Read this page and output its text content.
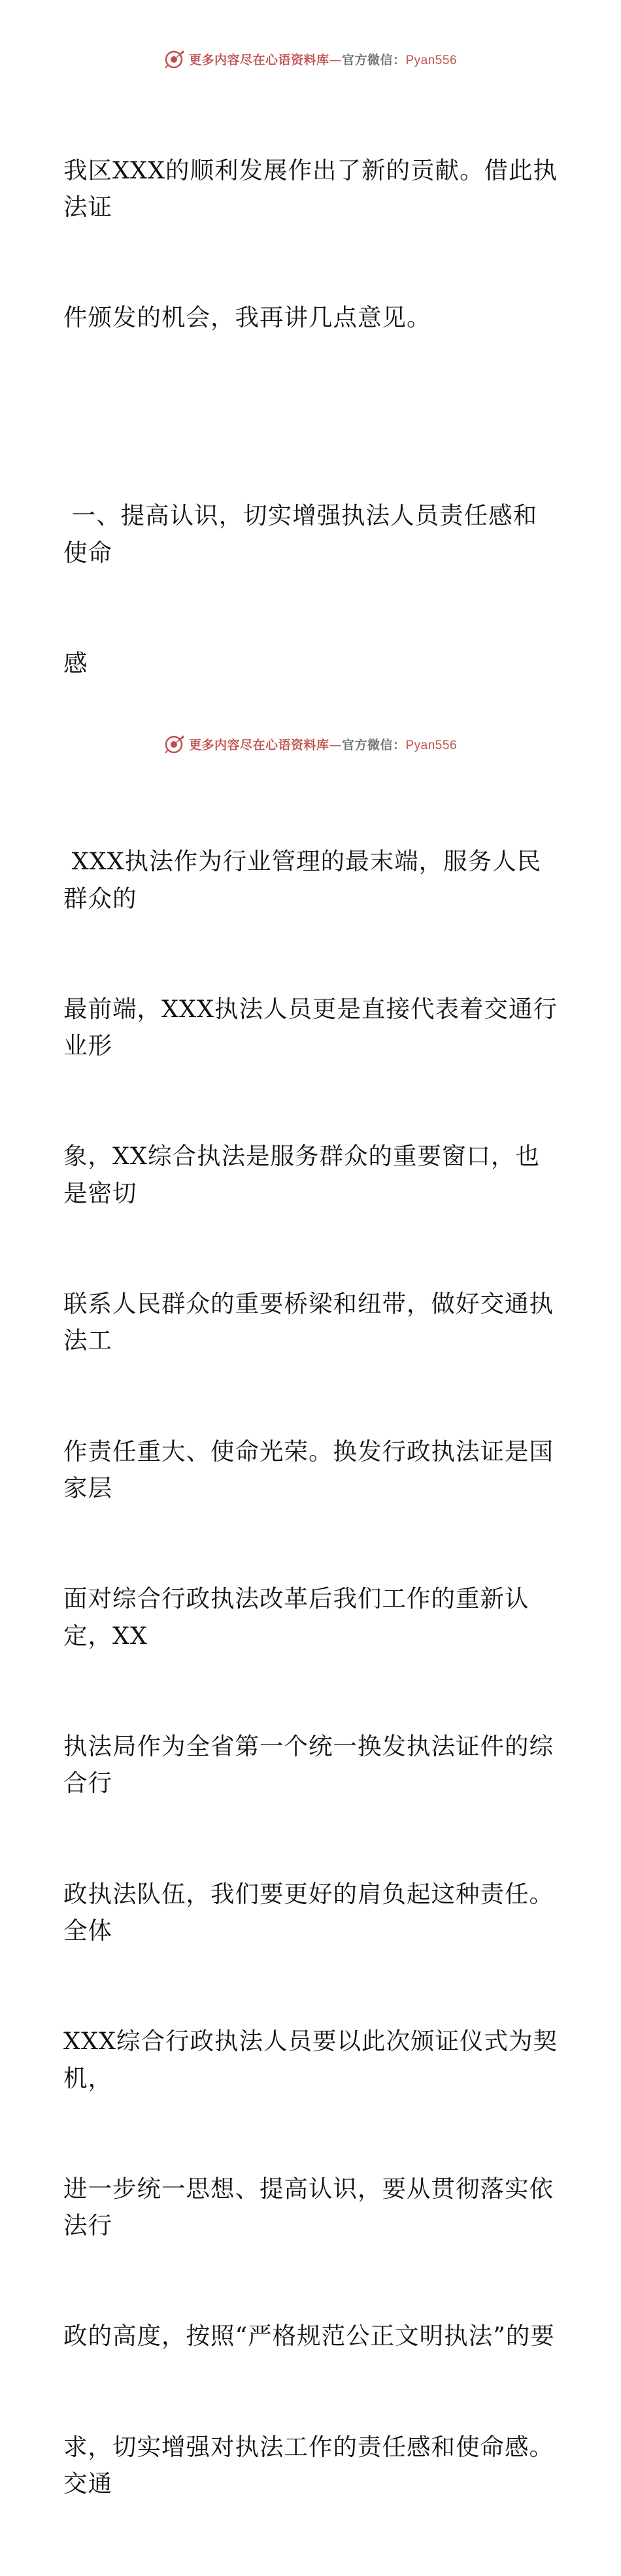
更多内容尽在心语资料库—官方微信：Pyan556

我区XXX的顺利发展作出了新的贡献。借此执法证

件颁发的机会，我再讲几点意见。

一、提高认识，切实增强执法人员责任感和使命

感

XXX执法作为行业管理的最末端，服务人民群众的

最前端，XXX执法人员更是直接代表着交通行业形

象，XX综合执法是服务群众的重要窗口，也是密切

联系人民群众的重要桥梁和纽带，做好交通执法工

作责任重大、使命光荣。换发行政执法证是国家层

面对综合行政执法改革后我们工作的重新认定，XX

执法局作为全省第一个统一换发执法证件的综合行

政执法队伍，我们要更好的肩负起这种责任。全体

XXX综合行政执法人员要以此次颁证仪式为契机，

进一步统一思想、提高认识，要从贯彻落实依法行

政的高度，按照“严格规范公正文明执法”的要

求，切实增强对执法工作的责任感和使命感。交通

更多内容尽在心语资料库—官方微信：Pyan556
